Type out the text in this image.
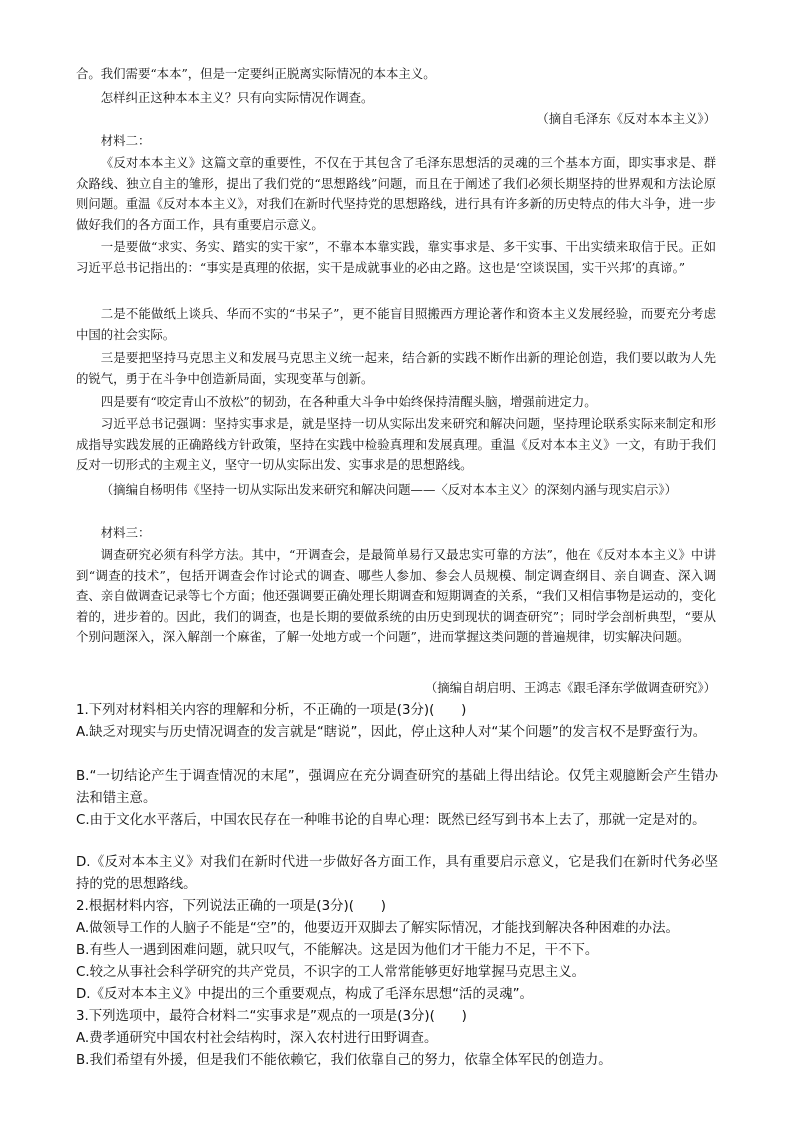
合。我们需要“本本”，但是一定要纠正脱离实际情况的本本主义。

怎样纠正这种本本主义？只有向实际情况作调查。

（摘自毛泽东《反对本本主义》）

材料二：

《反对本本主义》这篇文章的重要性，不仅在于其包含了毛泽东思想活的灵魂的三个基本方面，即实事求是、群众路线、独立自主的雏形，提出了我们党的“思想路线”问题，而且在于阐述了我们必须长期坚持的世界观和方法论原则问题。重温《反对本本主义》，对我们在新时代坚持党的思想路线，进行具有许多新的历史特点的伟大斗争，进一步做好我们的各方面工作，具有重要启示意义。

一是要做“求实、务实、踏实的实干家”，不靠本本靠实践，靠实事求是、多干实事、干出实绩来取信于民。正如习近平总书记指出的：“事实是真理的依据，实干是成就事业的必由之路。这也是‘空谈误国，实干兴邦’的真谛。”

二是不能做纸上谈兵、华而不实的“书呆子”，更不能盲目照搬西方理论著作和资本主义发展经验，而要充分考虑中国的社会实际。

三是要把坚持马克思主义和发展马克思主义统一起来，结合新的实践不断作出新的理论创造，我们要以敢为人先的锐气，勇于在斗争中创造新局面，实现变革与创新。

四是要有“咬定青山不放松”的韧劲，在各种重大斗争中始终保持清醒头脑，增强前进定力。

习近平总书记强调：坚持实事求是，就是坚持一切从实际出发来研究和解决问题，坚持理论联系实际来制定和形成指导实践发展的正确路线方针政策，坚持在实践中检验真理和发展真理。重温《反对本本主义》一文，有助于我们反对一切形式的主观主义，坚守一切从实际出发、实事求是的思想路线。

（摘编自杨明伟《坚持一切从实际出发来研究和解决问题——〈反对本本主义〉的深刻内涵与现实启示》）

材料三：

调查研究必须有科学方法。其中，“开调查会，是最简单易行又最忠实可靠的方法”，他在《反对本本主义》中讲到“调查的技术”，包括开调查会作讨论式的调查、哪些人参加、参会人员规模、制定调查纲目、亲自调查、深入调查、亲自做调查记录等七个方面；他还强调要正确处理长期调查和短期调查的关系，“我们又相信事物是运动的，变化着的，进步着的。因此，我们的调查，也是长期的要做系统的由历史到现状的调查研究”；同时学会剖析典型，“要从个别问题深入，深入解剖一个麻雀，了解一处地方或一个问题”，进而掌握这类问题的普遍规律，切实解决问题。

（摘编自胡启明、王鸿志《跟毛泽东学做调查研究》）

1.下列对材料相关内容的理解和分析，不正确的一项是(3分)(　　)

A.缺乏对现实与历史情况调查的发言就是“瞎说”，因此，停止这种人对“某个问题”的发言权不是野蛮行为。

B.“一切结论产生于调查情况的末尾”，强调应在充分调查研究的基础上得出结论。仅凭主观臆断会产生错办法和错主意。

C.由于文化水平落后，中国农民存在一种唯书论的自卑心理：既然已经写到书本上去了，那就一定是对的。

D.《反对本本主义》对我们在新时代进一步做好各方面工作，具有重要启示意义，它是我们在新时代务必坚持的党的思想路线。

2.根据材料内容，下列说法正确的一项是(3分)(　　)

A.做领导工作的人脑子不能是“空”的，他要迈开双脚去了解实际情况，才能找到解决各种困难的办法。

B.有些人一遇到困难问题，就只叹气，不能解决。这是因为他们才干能力不足，干不下。

C.较之从事社会科学研究的共产党员，不识字的工人常常能够更好地掌握马克思主义。

D.《反对本本主义》中提出的三个重要观点，构成了毛泽东思想“活的灵魂”。

3.下列选项中，最符合材料二“实事求是”观点的一项是(3分)(　　)

A.费孝通研究中国农村社会结构时，深入农村进行田野调查。

B.我们希望有外援，但是我们不能依赖它，我们依靠自己的努力，依靠全体军民的创造力。
